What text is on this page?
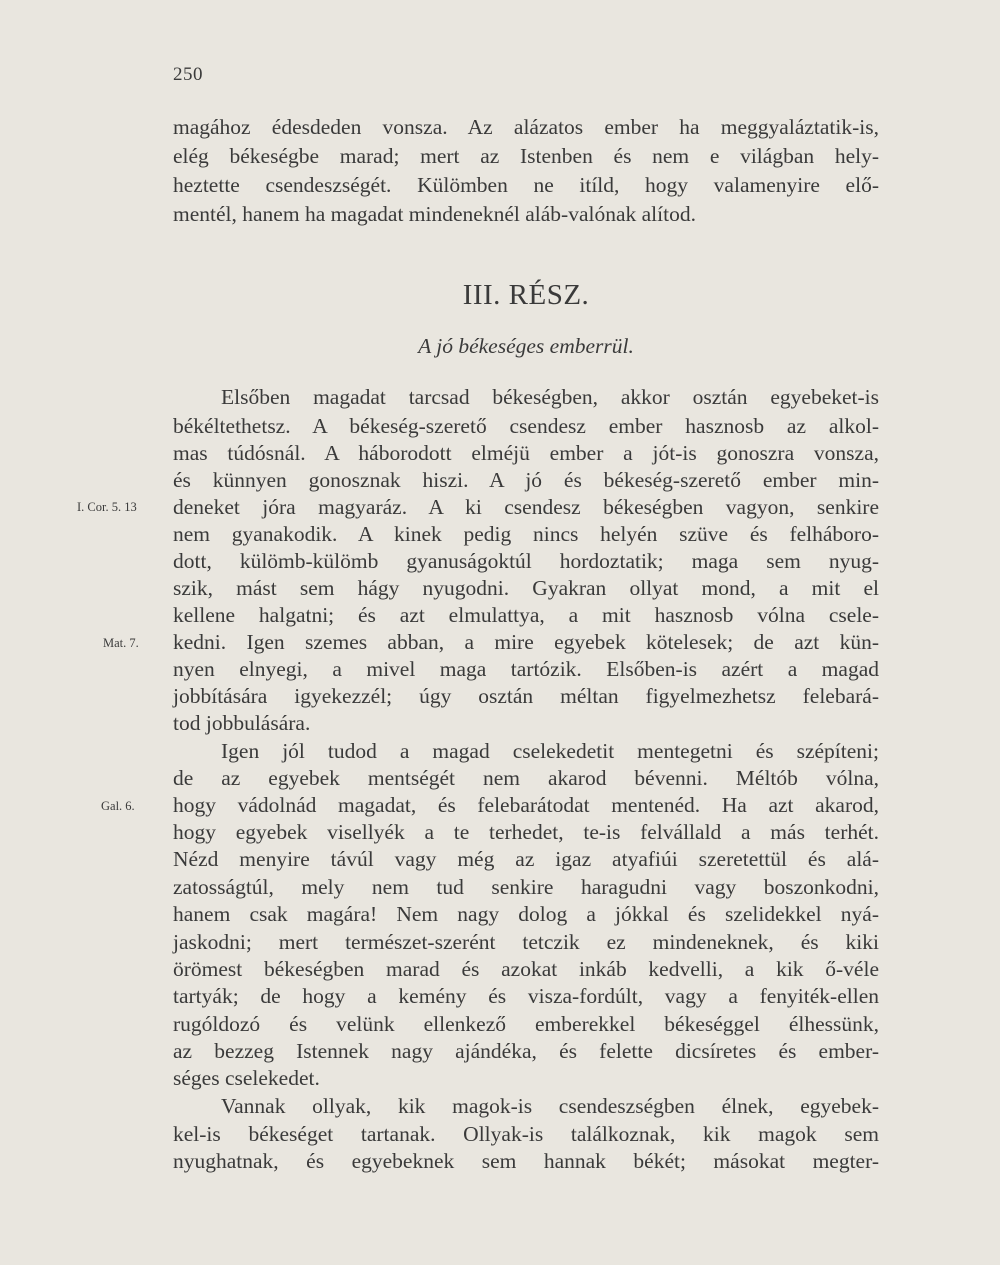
250
magához édesdeden vonsza. Az alázatos ember ha meggyaláztatik-is,
elég békeségbe marad; mert az Istenben és nem e világban hely-
heztette csendeszségét. Külömben ne itíld, hogy valamenyire elő-
mentél, hanem ha magadat mindeneknél aláb-valónak alítod.
III. RÉSZ.
A jó békeséges emberrül.
Elsőben magadat tarcsad békeségben, akkor osztán egyebeket-is
békéltethetsz. A békeség-szerető csendesz ember hasznosb az alkol-
mas túdósnál. A háborodott elméjü ember a jót-is gonoszra vonsza,
és künnyen gonosznak hiszi. A jó és békeség-szerető ember min-
deneket jóra magyaráz. A ki csendesz békeségben vagyon, senkire
nem gyanakodik. A kinek pedig nincs helyén szüve és felháboro-
dott, külömb-külömb gyanuságoktúl hordoztatik; maga sem nyug-
szik, mást sem hágy nyugodni. Gyakran ollyat mond, a mit el
kellene halgatni; és azt elmulattya, a mit hasznosb vólna csele-
kedni. Igen szemes abban, a mire egyebek kötelesek; de azt kün-
nyen elnyegi, a mivel maga tartózik. Elsőben-is azért a magad
jobbítására igyekezzél; úgy osztán méltan figyelmezhetsz felebará-
tod jobbulására.
Igen jól tudod a magad cselekedetit mentegetni és szépíteni;
de az egyebek mentségét nem akarod bévenni. Méltób vólna,
hogy vádolnád magadat, és felebarátodat mentenéd. Ha azt akarod,
hogy egyebek visellyék a te terhedet, te-is felvállald a más terhét.
Nézd menyire távúl vagy még az igaz atyafiúi szeretettül és alá-
zatosságtúl, mely nem tud senkire haragudni vagy boszonkodni,
hanem csak magára! Nem nagy dolog a jókkal és szelidekkel nyá-
jaskodni; mert természet-szerént tetczik ez mindeneknek, és kiki
örömest békeségben marad és azokat inkáb kedvelli, a kik ő-véle
tartyák; de hogy a kemény és visza-fordúlt, vagy a fenyiték-ellen
rugóldozó és velünk ellenkező emberekkel békeséggel élhessünk,
az bezzeg Istennek nagy ajándéka, és felette dicsíretes és ember-
séges cselekedet.
Vannak ollyak, kik magok-is csendeszségben élnek, egyebek-
kel-is békeséget tartanak. Ollyak-is találkoznak, kik magok sem
nyughatnak, és egyebeknek sem hannak békét; másokat megter-
I. Cor. 5. 13
Mat. 7.
Gal. 6.
